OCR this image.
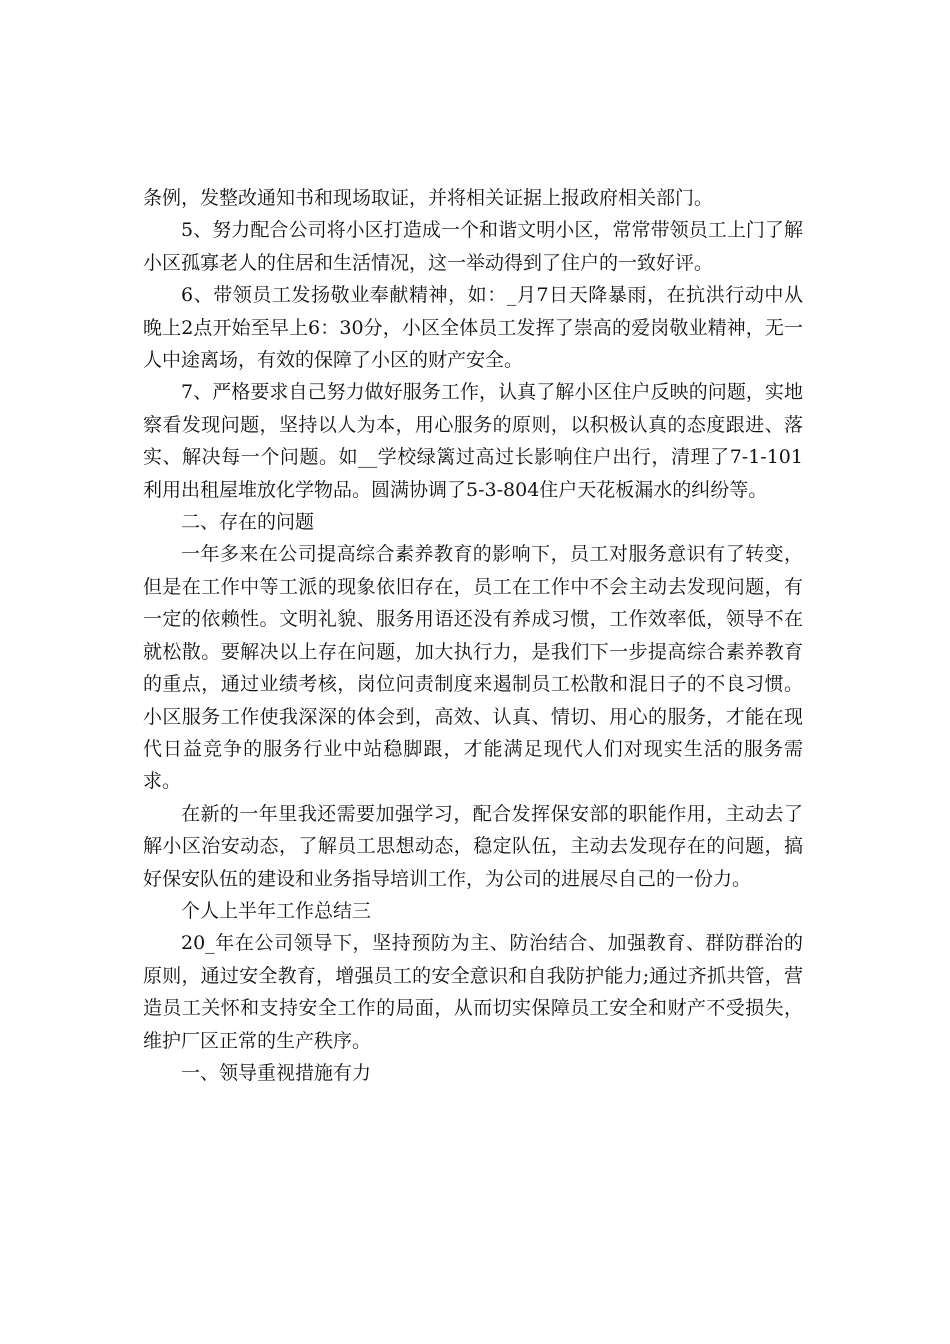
条例，发整改通知书和现场取证，并将相关证据上报政府相关部门。

5、努力配合公司将小区打造成一个和谐文明小区，常常带领员工上门了解小区孤寡老人的住居和生活情况，这一举动得到了住户的一致好评。

6、带领员工发扬敬业奉献精神，如：_月7日天降暴雨，在抗洪行动中从晚上2点开始至早上6：30分，小区全体员工发挥了崇高的爱岗敬业精神，无一人中途离场，有效的保障了小区的财产安全。

7、严格要求自己努力做好服务工作，认真了解小区住户反映的问题，实地察看发现问题，坚持以人为本，用心服务的原则，以积极认真的态度跟进、落实、解决每一个问题。如__学校绿篱过高过长影响住户出行，清理了7-1-101利用出租屋堆放化学物品。圆满协调了5-3-804住户天花板漏水的纠纷等。

二、存在的问题

一年多来在公司提高综合素养教育的影响下，员工对服务意识有了转变，但是在工作中等工派的现象依旧存在，员工在工作中不会主动去发现问题，有一定的依赖性。文明礼貌、服务用语还没有养成习惯，工作效率低，领导不在就松散。要解决以上存在问题，加大执行力，是我们下一步提高综合素养教育的重点，通过业绩考核，岗位问责制度来遏制员工松散和混日子的不良习惯。小区服务工作使我深深的体会到，高效、认真、情切、用心的服务，才能在现代日益竞争的服务行业中站稳脚跟，才能满足现代人们对现实生活的服务需求。

在新的一年里我还需要加强学习，配合发挥保安部的职能作用，主动去了解小区治安动态，了解员工思想动态，稳定队伍，主动去发现存在的问题，搞好保安队伍的建设和业务指导培训工作，为公司的进展尽自己的一份力。

个人上半年工作总结三

20_年在公司领导下，坚持预防为主、防治结合、加强教育、群防群治的原则，通过安全教育，增强员工的安全意识和自我防护能力;通过齐抓共管，营造员工关怀和支持安全工作的局面，从而切实保障员工安全和财产不受损失，维护厂区正常的生产秩序。

一、领导重视措施有力
